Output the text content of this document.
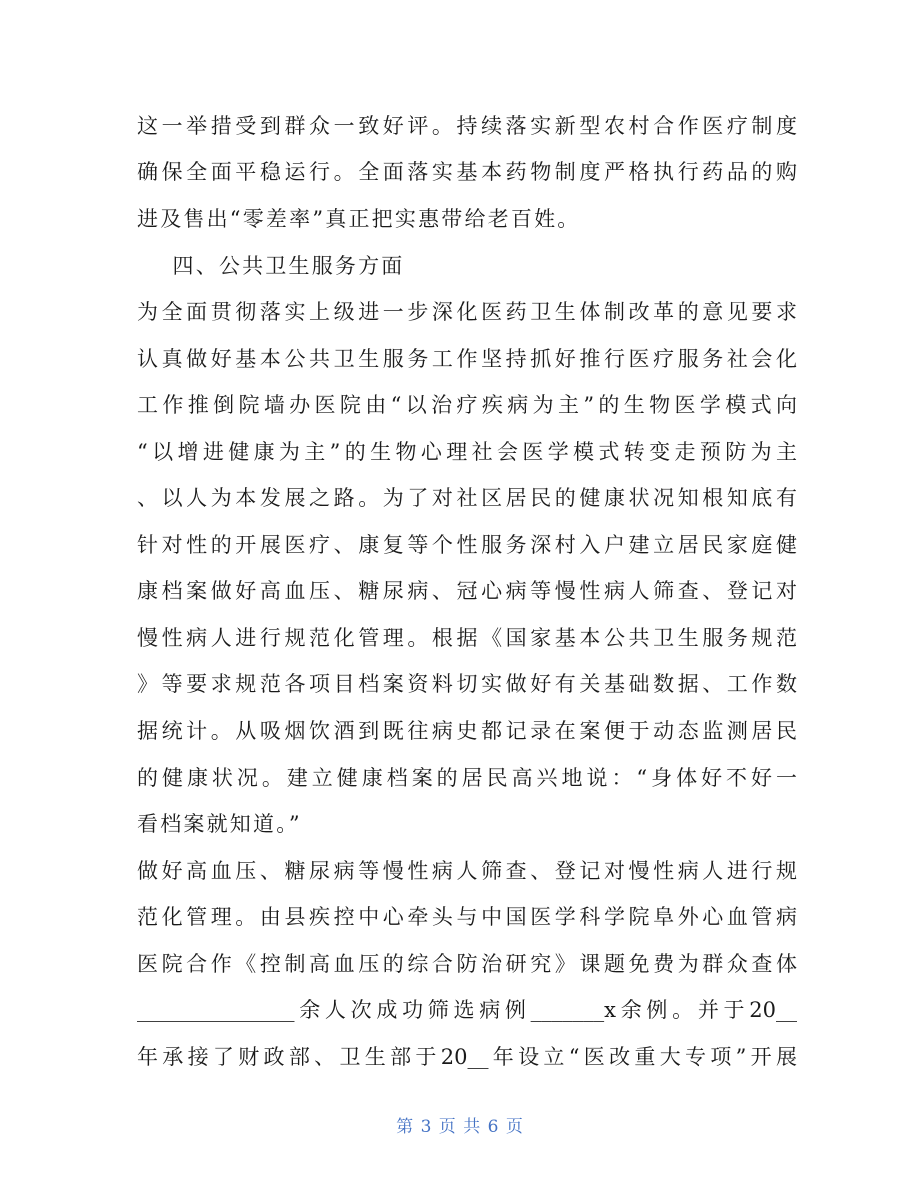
这一举措受到群众一致好评。持续落实新型农村合作医疗制度
确保全面平稳运行。全面落实基本药物制度严格执行药品的购
进及售出“零差率”真正把实惠带给老百姓。
四、公共卫生服务方面
为全面贯彻落实上级进一步深化医药卫生体制改革的意见要求
认真做好基本公共卫生服务工作坚持抓好推行医疗服务社会化
工作推倒院墙办医院由“以治疗疾病为主”的生物医学模式向
“以增进健康为主”的生物心理社会医学模式转变走预防为主
、以人为本发展之路。为了对社区居民的健康状况知根知底有
针对性的开展医疗、康复等个性服务深村入户建立居民家庭健
康档案做好高血压、糖尿病、冠心病等慢性病人筛查、登记对
慢性病人进行规范化管理。根据《国家基本公共卫生服务规范
》等要求规范各项目档案资料切实做好有关基础数据、工作数
据统计。从吸烟饮酒到既往病史都记录在案便于动态监测居民
的健康状况。建立健康档案的居民高兴地说：“身体好不好一
看档案就知道。”
做好高血压、糖尿病等慢性病人筛查、登记对慢性病人进行规
范化管理。由县疾控中心牵头与中国医学科学院阜外心血管病
医院合作《控制高血压的综合防治研究》课题免费为群众查体
_______________余人次成功筛选病例_______x余例。并于20__
年承接了财政部、卫生部于20__年设立“医改重大专项”开展
第 3 页 共 6 页
